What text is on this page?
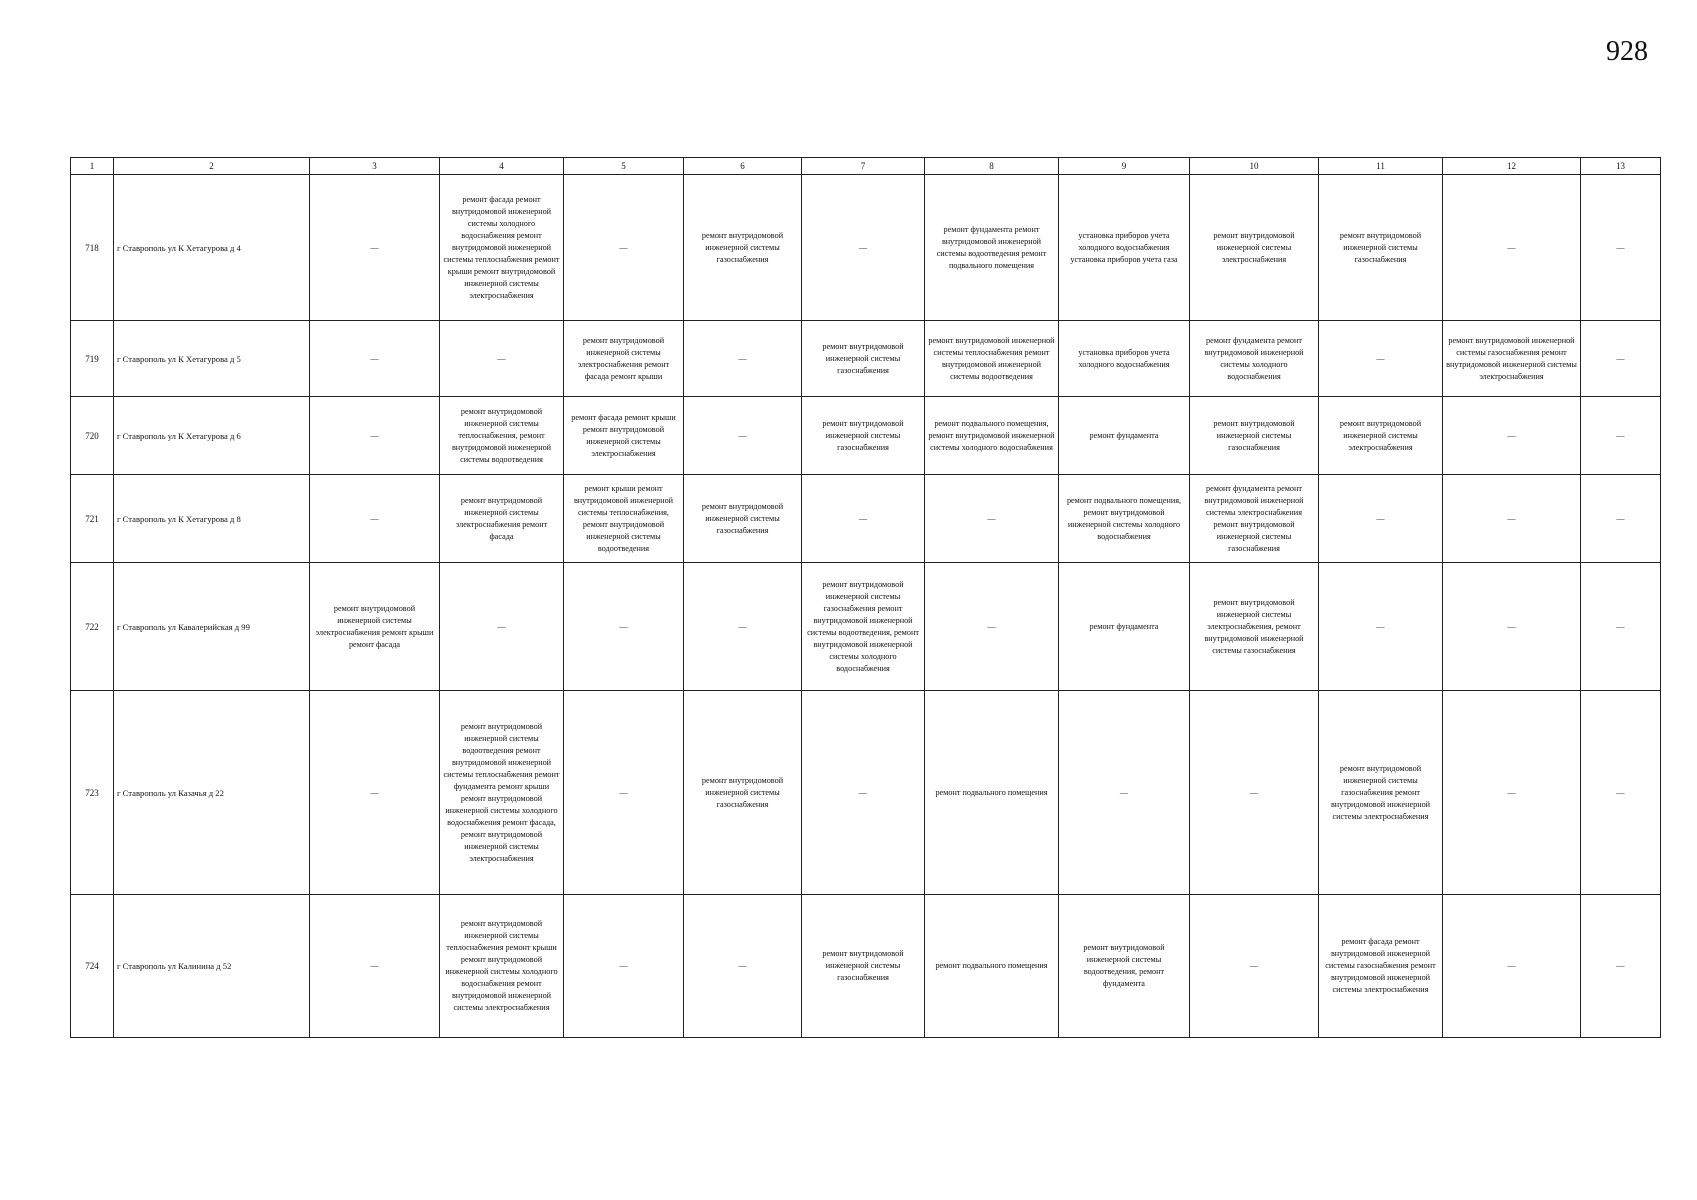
928
1	2	3	4	5	6	7	8	9	10	11	12	13
718	г Ставрополь ул К Хетагурова д 4	—	ремонт фасада ремонт внутридомовой инженерной системы холодного водоснабжения ремонт внутридомовой инженерной системы теплоснабжения ремонт крыши ремонт внутридомовой инженерной системы электроснабжения	—	ремонт внутридомовой инженерной системы газоснабжения	—	ремонт фундамента ремонт внутридомовой инженерной системы водоотведения ремонт подвального помещения	установка приборов учета холодного водоснабжения установка приборов учета газа	ремонт внутридомовой инженерной системы электроснабжения	ремонт внутридомовой инженерной системы газоснабжения	—	—
719	г Ставрополь ул К Хетагурова д 5	—	—	ремонт внутридомовой инженерной системы электроснабжения ремонт фасада ремонт крыши	—	ремонт внутридомовой инженерной системы газоснабжения	ремонт внутридомовой инженерной системы теплоснабжения ремонт внутридомовой инженерной системы водоотведения	установка приборов учета холодного водоснабжения	ремонт фундамента ремонт внутридомовой инженерной системы холодного водоснабжения	—	ремонт внутридомовой инженерной системы газоснабжения ремонт внутридомовой инженерной системы электроснабжения	—
720	г Ставрополь ул К Хетагурова д 6	—	ремонт внутридомовой инженерной системы теплоснабжения, ремонт внутридомовой инженерной системы водоотведения	ремонт фасада ремонт крыши ремонт внутридомовой инженерной системы электроснабжения	—	ремонт внутридомовой инженерной системы газоснабжения	ремонт подвального помещения, ремонт внутридомовой инженерной системы холодного водоснабжения	ремонт фундамента	ремонт внутридомовой инженерной системы газоснабжения	ремонт внутридомовой инженерной системы электроснабжения	—	—
721	г Ставрополь ул К Хетагурова д 8	—	ремонт внутридомовой инженерной системы электроснабжения ремонт фасада	ремонт крыши ремонт внутридомовой инженерной системы теплоснабжения, ремонт внутридомовой инженерной системы водоотведения	ремонт внутридомовой инженерной системы газоснабжения	—	—	ремонт подвального помещения, ремонт внутридомовой инженерной системы холодного водоснабжения	ремонт фундамента ремонт внутридомовой инженерной системы электроснабжения ремонт внутридомовой инженерной системы газоснабжения	—	—	—
722	г Ставрополь ул Кавалерийская д 99	ремонт внутридомовой инженерной системы электроснабжения ремонт крыши ремонт фасада	—	—	—	ремонт внутридомовой инженерной системы газоснабжения ремонт внутридомовой инженерной системы водоотведения, ремонт внутридомовой инженерной системы холодного водоснабжения	—	ремонт фундамента	ремонт внутридомовой инженерной системы электроснабжения, ремонт внутридомовой инженерной системы газоснабжения	—	—	—
723	г Ставрополь ул Казачья д 22	—	ремонт внутридомовой инженерной системы водоотведения ремонт внутридомовой инженерной системы теплоснабжения ремонт фундамента ремонт крыши ремонт внутридомовой инженерной системы холодного водоснабжения ремонт фасада, ремонт внутридомовой инженерной системы электроснабжения	—	ремонт внутридомовой инженерной системы газоснабжения	—	ремонт подвального помещения	—	—	ремонт внутридомовой инженерной системы газоснабжения ремонт внутридомовой инженерной системы электроснабжения	—	—
724	г Ставрополь ул Калинина д 52	—	ремонт внутридомовой инженерной системы теплоснабжения ремонт крыши ремонт внутридомовой инженерной системы холодного водоснабжения ремонт внутридомовой инженерной системы электроснабжения	—	—	ремонт внутридомовой инженерной системы газоснабжения	ремонт подвального помещения	ремонт внутридомовой инженерной системы водоотведения, ремонт фундамента	—	ремонт фасада ремонт внутридомовой инженерной системы газоснабжения ремонт внутридомовой инженерной системы электроснабжения	—	—
